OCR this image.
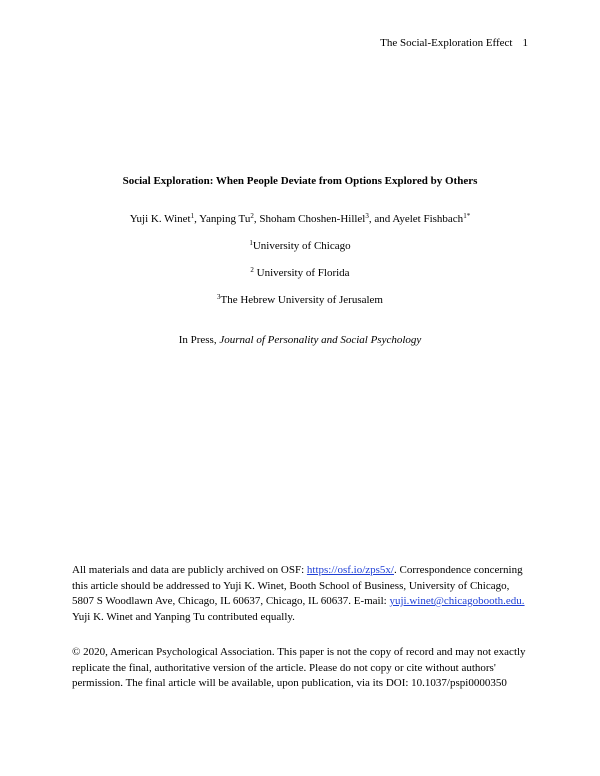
The Social-Exploration Effect 1
Social Exploration: When People Deviate from Options Explored by Others
Yuji K. Winet$^1$, Yanping Tu$^2$, Shoham Choshen-Hillel$^3$, and Ayelet Fishbach$^{1*}$
$^1$University of Chicago
$^2$ University of Florida
$^3$The Hebrew University of Jerusalem
In Press, Journal of Personality and Social Psychology
All materials and data are publicly archived on OSF: https://osf.io/zps5x/. Correspondence concerning this article should be addressed to Yuji K. Winet, Booth School of Business, University of Chicago, 5807 S Woodlawn Ave, Chicago, IL 60637, Chicago, IL 60637. E-mail: yuji.winet@chicagobooth.edu. Yuji K. Winet and Yanping Tu contributed equally.
© 2020, American Psychological Association. This paper is not the copy of record and may not exactly replicate the final, authoritative version of the article. Please do not copy or cite without authors' permission. The final article will be available, upon publication, via its DOI: 10.1037/pspi0000350
